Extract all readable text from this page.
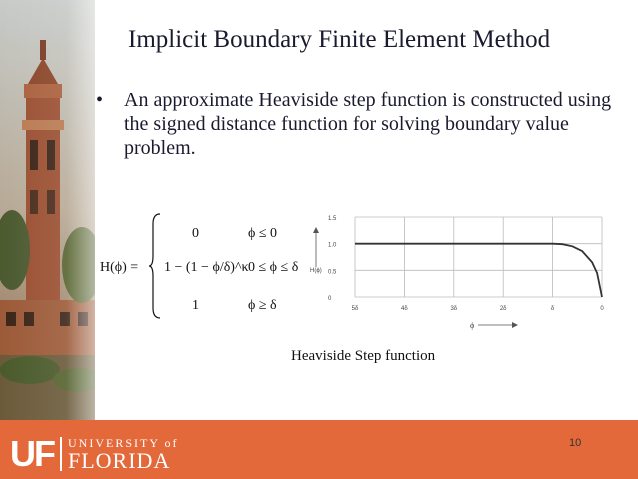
Implicit Boundary Finite Element Method
•	An approximate Heaviside step function is constructed using the signed distance function for solving boundary value problem.
H(ϕ) =
0	ϕ ≤ 0
1 − (1 − ϕ/δ)^κ 0 ≤ ϕ ≤ δ
1	ϕ ≥ δ
1.5
1.0
0.5
0
5δ	4δ	3δ	2δ	δ	0
H(ϕ)
ϕ
Heaviside Step function
UF UNIVERSITY of
FLORIDA
10
